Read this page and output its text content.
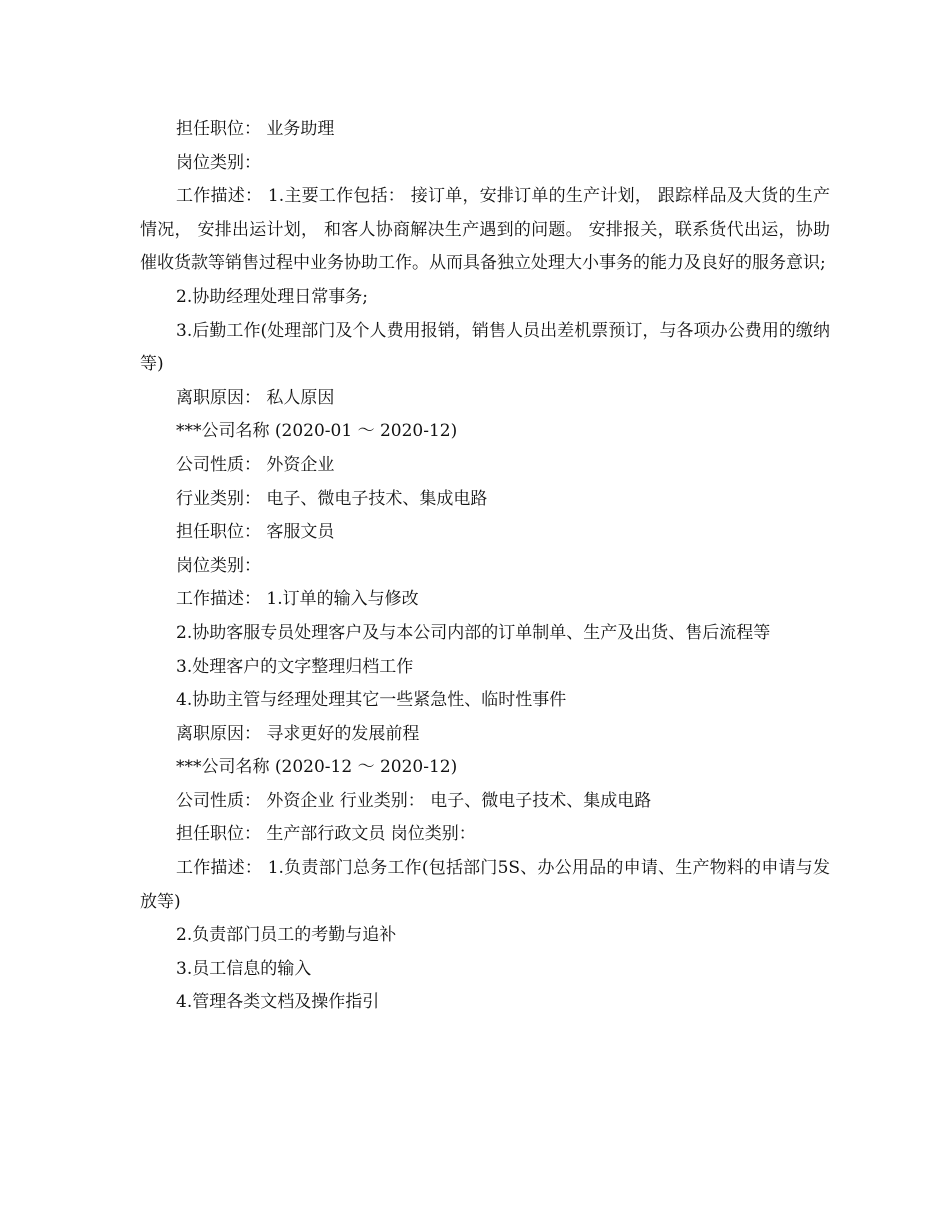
担任职位： 业务助理

岗位类别：

工作描述： 1.主要工作包括： 接订单，安排订单的生产计划， 跟踪样品及大货的生产情况， 安排出运计划， 和客人协商解决生产遇到的问题。 安排报关，联系货代出运，协助催收货款等销售过程中业务协助工作。从而具备独立处理大小事务的能力及良好的服务意识;

2.协助经理处理日常事务;

3.后勤工作(处理部门及个人费用报销，销售人员出差机票预订，与各项办公费用的缴纳等)

离职原因： 私人原因

***公司名称 (2020-01 ～ 2020-12)

公司性质： 外资企业

行业类别： 电子、微电子技术、集成电路

担任职位： 客服文员

岗位类别：

工作描述： 1.订单的输入与修改

2.协助客服专员处理客户及与本公司内部的订单制单、生产及出货、售后流程等

3.处理客户的文字整理归档工作

4.协助主管与经理处理其它一些紧急性、临时性事件

离职原因： 寻求更好的发展前程

***公司名称 (2020-12 ～ 2020-12)

公司性质： 外资企业 行业类别： 电子、微电子技术、集成电路

担任职位： 生产部行政文员 岗位类别：

工作描述： 1.负责部门总务工作(包括部门5S、办公用品的申请、生产物料的申请与发放等)

2.负责部门员工的考勤与追补

3.员工信息的输入

4.管理各类文档及操作指引
